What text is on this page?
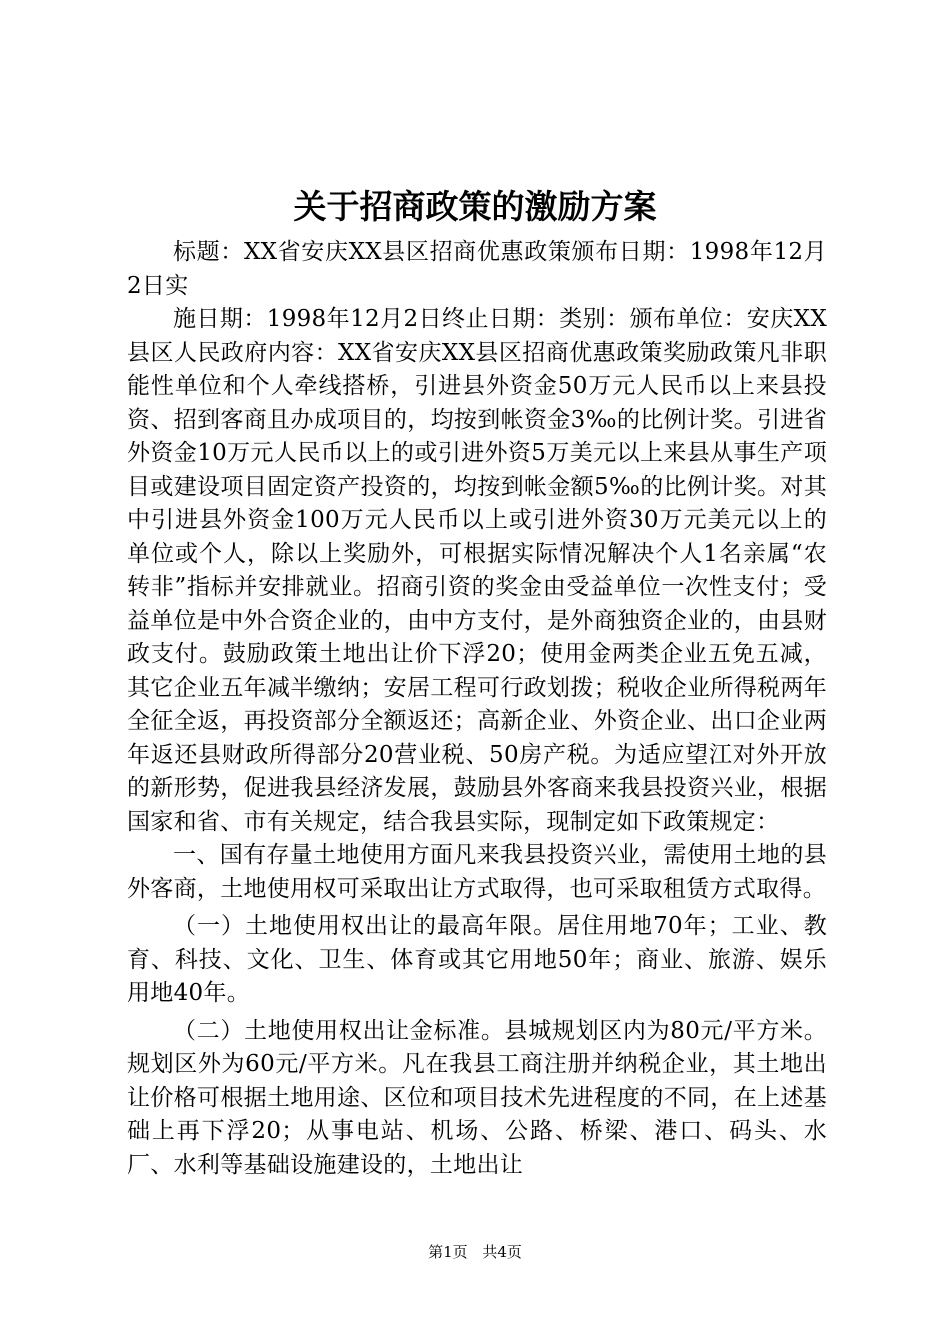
关于招商政策的激励方案

标题：XX省安庆XX县区招商优惠政策颁布日期：1998年12月2日实

施日期：1998年12月2日终止日期：类别：颁布单位：安庆XX县区人民政府内容：XX省安庆XX县区招商优惠政策奖励政策凡非职能性单位和个人牵线搭桥，引进县外资金50万元人民币以上来县投资、招到客商且办成项目的，均按到帐资金3‰的比例计奖。引进省外资金10万元人民币以上的或引进外资5万美元以上来县从事生产项目或建设项目固定资产投资的，均按到帐金额5‰的比例计奖。对其中引进县外资金100万元人民币以上或引进外资30万元美元以上的单位或个人，除以上奖励外，可根据实际情况解决个人1名亲属“农转非”指标并安排就业。招商引资的奖金由受益单位一次性支付；受益单位是中外合资企业的，由中方支付，是外商独资企业的，由县财政支付。鼓励政策土地出让价下浮20；使用金两类企业五免五减，其它企业五年减半缴纳；安居工程可行政划拨；税收企业所得税两年全征全返，再投资部分全额返还；高新企业、外资企业、出口企业两年返还县财政所得部分20营业税、50房产税。为适应望江对外开放的新形势，促进我县经济发展，鼓励县外客商来我县投资兴业，根据国家和省、市有关规定，结合我县实际，现制定如下政策规定：

一、国有存量土地使用方面凡来我县投资兴业，需使用土地的县外客商，土地使用权可采取出让方式取得，也可采取租赁方式取得。

（一）土地使用权出让的最高年限。居住用地70年；工业、教育、科技、文化、卫生、体育或其它用地50年；商业、旅游、娱乐用地40年。

（二）土地使用权出让金标准。县城规划区内为80元/平方米。规划区外为60元/平方米。凡在我县工商注册并纳税企业，其土地出让价格可根据土地用途、区位和项目技术先进程度的不同，在上述基础上再下浮20；从事电站、机场、公路、桥梁、港口、码头、水厂、水利等基础设施建设的，土地出让

第1页 共4页
